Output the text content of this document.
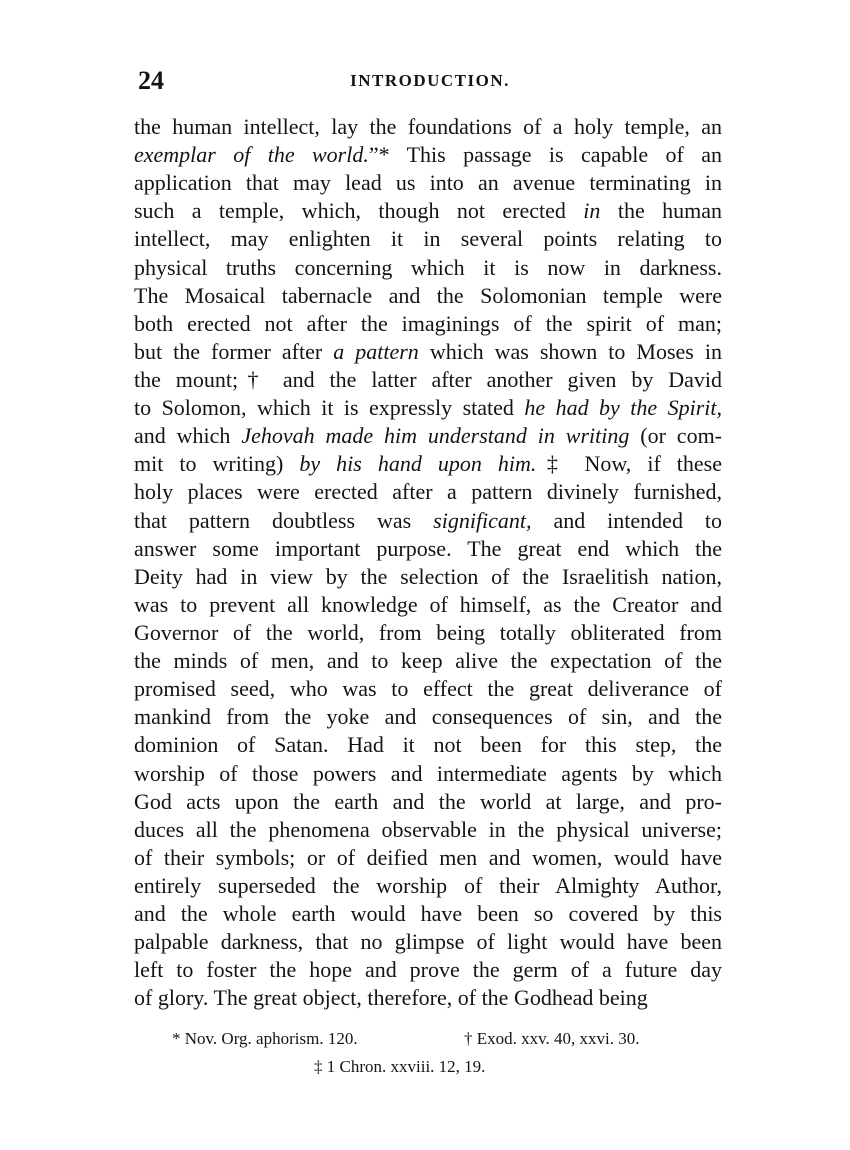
24	INTRODUCTION.
the human intellect, lay the foundations of a holy temple, an
exemplar of the world.”* This passage is capable of an
application that may lead us into an avenue terminating in
such a temple, which, though not erected in the human
intellect, may enlighten it in several points relating to
physical truths concerning which it is now in darkness.
The Mosaical tabernacle and the Solomonian temple were
both erected not after the imaginings of the spirit of man;
but the former after a pattern which was shown to Moses in
the mount;† and the latter after another given by David
to Solomon, which it is expressly stated he had by the Spirit,
and which Jehovah made him understand in writing (or com-
mit to writing) by his hand upon him.‡ Now, if these
holy places were erected after a pattern divinely furnished,
that pattern doubtless was significant, and intended to
answer some important purpose. The great end which the
Deity had in view by the selection of the Israelitish nation,
was to prevent all knowledge of himself, as the Creator and
Governor of the world, from being totally obliterated from
the minds of men, and to keep alive the expectation of the
promised seed, who was to effect the great deliverance of
mankind from the yoke and consequences of sin, and the
dominion of Satan. Had it not been for this step, the
worship of those powers and intermediate agents by which
God acts upon the earth and the world at large, and pro-
duces all the phenomena observable in the physical universe;
of their symbols; or of deified men and women, would have
entirely superseded the worship of their Almighty Author,
and the whole earth would have been so covered by this
palpable darkness, that no glimpse of light would have been
left to foster the hope and prove the germ of a future day
of glory. The great object, therefore, of the Godhead being
* Nov. Org. aphorism. 120.	† Exod. xxv. 40, xxvi. 30.
‡ 1 Chron. xxviii. 12, 19.
